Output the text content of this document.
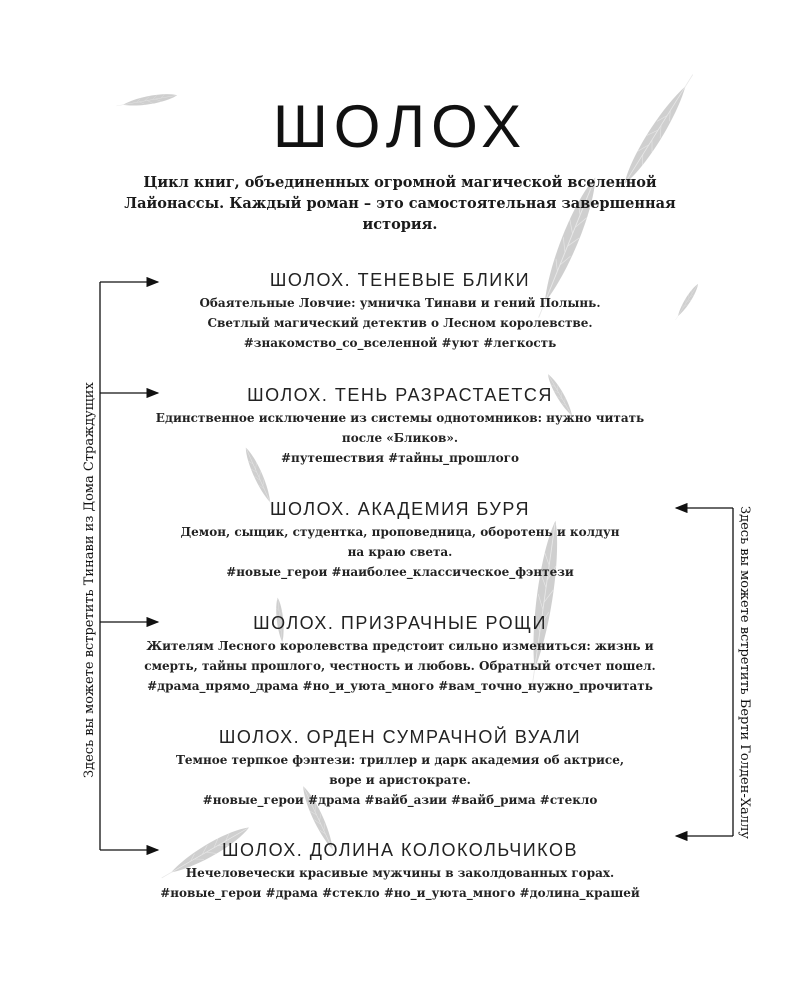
ШОЛОХ

Цикл книг, объединенных огромной магической вселенной Лайонассы. Каждый роман – это самостоятельная завершенная история.

ШОЛОХ. ТЕНЕВЫЕ БЛИКИ
Обаятельные Ловчие: умничка Тинави и гений Полынь.
Светлый магический детектив о Лесном королевстве.
#знакомство_со_вселенной #уют #легкость
ШОЛОХ. ТЕНЬ РАЗРАСТАЕТСЯ
Единственное исключение из системы однотомников: нужно читать
после «Бликов».
#путешествия #тайны_прошлого
ШОЛОХ. АКАДЕМИЯ БУРЯ
Демон, сыщик, студентка, проповедница, оборотень и колдун
на краю света.
#новые_герои #наиболее_классическое_фэнтези
ШОЛОХ. ПРИЗРАЧНЫЕ РОЩИ
Жителям Лесного королевства предстоит сильно измениться: жизнь и
смерть, тайны прошлого, честность и любовь. Обратный отсчет пошел.
#драма_прямо_драма #но_и_уюта_много #вам_точно_нужно_прочитать
ШОЛОХ. ОРДЕН СУМРАЧНОЙ ВУАЛИ
Темное терпкое фэнтези: триллер и дарк академия об актрисе,
воре и аристократе.
#новые_герои #драма #вайб_азии #вайб_рима #стекло
ШОЛОХ. ДОЛИНА КОЛОКОЛЬЧИКОВ
Нечеловечески красивые мужчины в заколдованных горах.
#новые_герои #драма #стекло #но_и_уюта_много #долина_крашей
Здесь вы можете встретить Тинави из Дома Страждущих	Здесь вы можете встретить Берти Голден-Халлу
